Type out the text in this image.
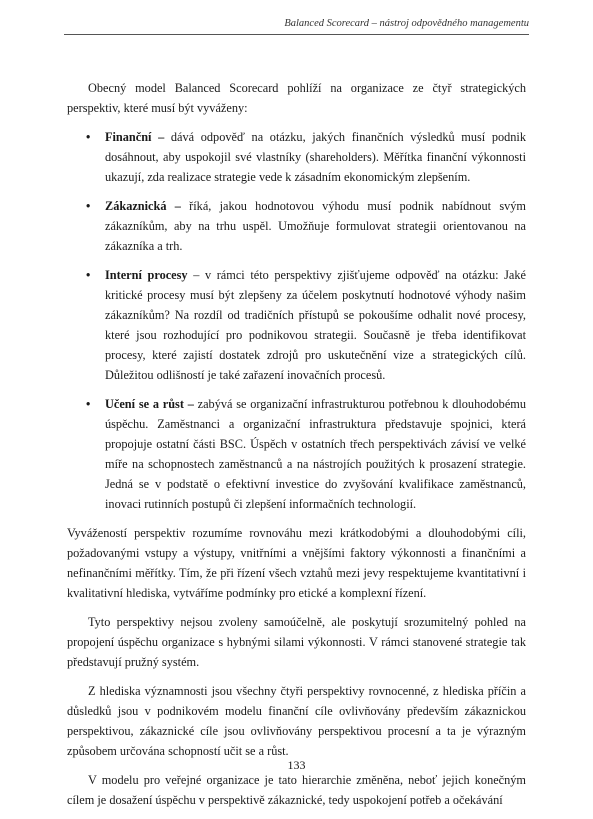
Balanced Scorecard – nástroj odpovědného managementu

Obecný model Balanced Scorecard pohlíží na organizace ze čtyř strategických perspektiv, které musí být vyváženy:

• Finanční – dává odpověď na otázku, jakých finančních výsledků musí podnik dosáhnout, aby uspokojil své vlastníky (shareholders). Měřítka finanční výkonnosti ukazují, zda realizace strategie vede k zásadním ekonomickým zlepšením.
• Zákaznická – říká, jakou hodnotovou výhodu musí podnik nabídnout svým zákazníkům, aby na trhu uspěl. Umožňuje formulovat strategii orientovanou na zákazníka a trh.
• Interní procesy – v rámci této perspektivy zjišťujeme odpověď na otázku: Jaké kritické procesy musí být zlepšeny za účelem poskytnutí hodnotové výhody našim zákazníkům? Na rozdíl od tradičních přístupů se pokoušíme odhalit nové procesy, které jsou rozhodující pro podnikovou strategii. Současně je třeba identifikovat procesy, které zajistí dostatek zdrojů pro uskutečnění vize a strategických cílů. Důležitou odlišností je také zařazení inovačních procesů.
• Učení se a růst – zabývá se organizační infrastrukturou potřebnou k dlouhodobému úspěchu. Zaměstnanci a organizační infrastruktura představuje spojnici, která propojuje ostatní části BSC. Úspěch v ostatních třech perspektivách závisí ve velké míře na schopnostech zaměstnanců a na nástrojích použitých k prosazení strategie. Jedná se v podstatě o efektivní investice do zvyšování kvalifikace zaměstnanců, inovaci rutinních postupů či zlepšení informačních technologií.

Vyvážeností perspektiv rozumíme rovnováhu mezi krátkodobými a dlouhodobými cíli, požadovanými vstupy a výstupy, vnitřními a vnějšími faktory výkonnosti a finančními a nefinančními měřítky. Tím, že při řízení všech vztahů mezi jevy respektujeme kvantitativní i kvalitativní hlediska, vytváříme podmínky pro etické a komplexní řízení.

Tyto perspektivy nejsou zvoleny samoúčelně, ale poskytují srozumitelný pohled na propojení úspěchu organizace s hybnými silami výkonnosti. V rámci stanovené strategie tak představují pružný systém.

Z hlediska významnosti jsou všechny čtyři perspektivy rovnocenné, z hlediska příčin a důsledků jsou v podnikovém modelu finanční cíle ovlivňovány především zákaznickou perspektivou, zákaznické cíle jsou ovlivňovány perspektivou procesní a ta je výrazným způsobem určována schopností učit se a růst.

V modelu pro veřejné organizace je tato hierarchie změněna, neboť jejich konečným cílem je dosažení úspěchu v perspektivě zákaznické, tedy uspokojení potřeb a očekávání

133
